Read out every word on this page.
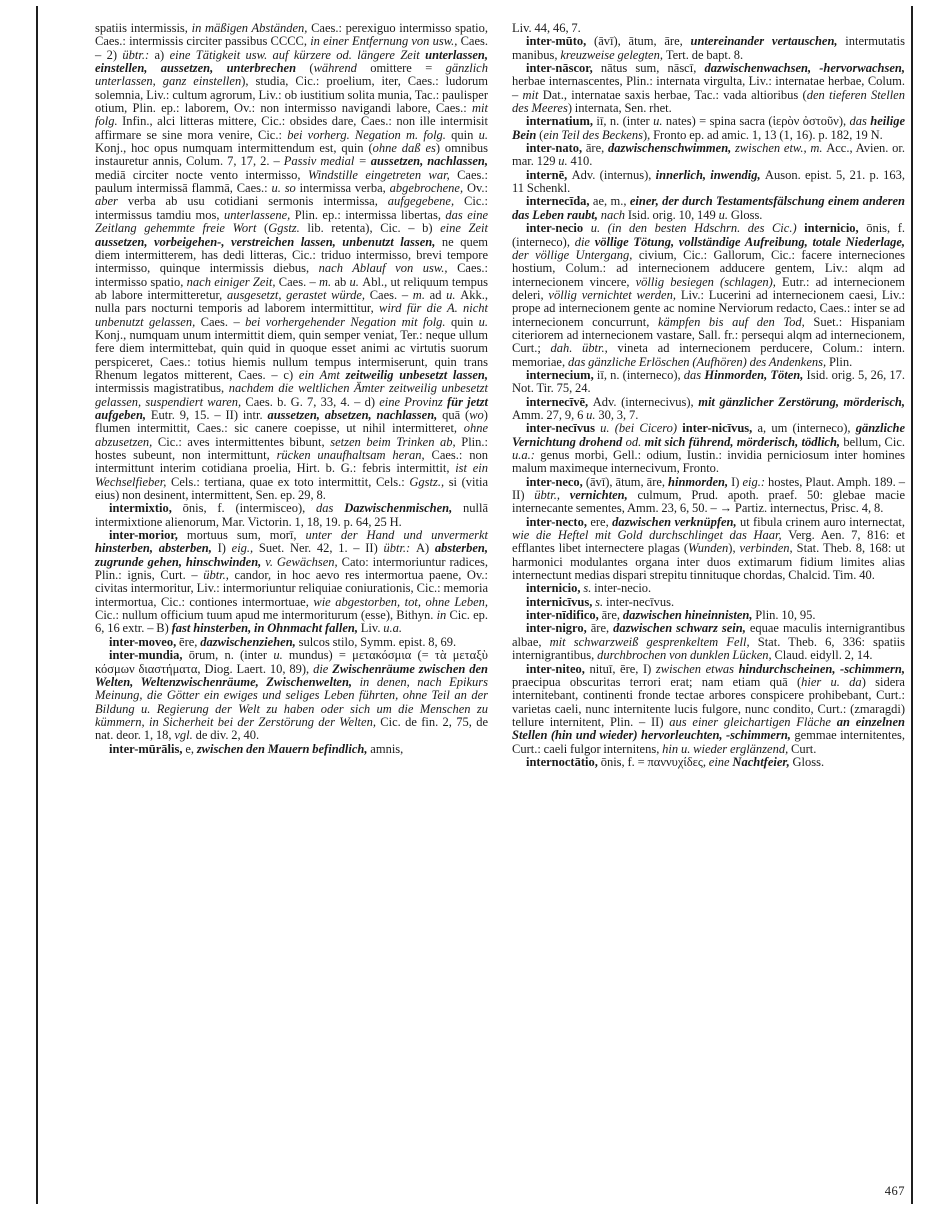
spatiis intermissis, in mäßigen Abständen, Caes.: perexiguo intermisso spatio, Caes.: intermissis circiter passibus CCCC, in einer Entfernung von usw., Caes. – 2) übtr.: a) eine Tätigkeit usw. auf kürzere od. längere Zeit unterlassen, einstellen, aussetzen, unterbrechen (während omittere = gänzlich unterlassen, ganz einstellen), studia, Cic.: proelium, iter, Caes.: ludorum solemnia, Liv.: cultum agrorum, Liv.: ob iustitium solita munia, Tac.: paulisper otium, Plin. ep.: laborem, Ov.: non intermisso navigandi labore, Caes.: mit folg. Infin., alci litteras mittere, Cic.: obsides dare, Caes.: non ille intermisit affirmare se sine mora venire, Cic.: bei vorherg. Negation m. folg. quin u. Konj., hoc opus numquam intermittendum est, quin (ohne daß es) omnibus instauretur annis, Colum. 7, 17, 2. – Passiv medial = aussetzen, nachlassen, mediā circiter nocte vento intermisso, Windstille eingetreten war, Caes.: paulum intermissā flammā, Caes.: u. so intermissa verba, abgebrochene, Ov.: aber verba ab usu cotidiani sermonis intermissa, aufgegebene, Cic.: intermissus tamdiu mos, unterlassene, Plin. ep.: intermissa libertas, das eine Zeitlang gehemmte freie Wort (Ggstz. lib. retenta), Cic. – b) eine Zeit aussetzen, vorbeigehen-, verstreichen lassen, unbenutzt lassen, ne quem diem intermitterem, has dedi litteras, Cic.: triduo intermisso, brevi tempore intermisso, quinque intermissis diebus, nach Ablauf von usw., Caes.: intermisso spatio, nach einiger Zeit, Caes. – m. ab u. Abl., ut reliquum tempus ab labore intermitteretur, ausgesetzt, gerastet würde, Caes. – m. ad u. Akk., nulla pars nocturni temporis ad laborem intermittitur, wird für die A. nicht unbenutzt gelassen, Caes. – bei vorhergehender Negation mit folg. quin u. Konj., numquam unum intermittit diem, quin semper veniat, Ter.: neque ullum fere diem intermittebat, quin quid in quoque esset animi ac virtutis suorum perspiceret, Caes.: totius hiemis nullum tempus intermiserunt, quin trans Rhenum legatos mitterent, Caes. – c) ein Amt zeitweilig unbesetzt lassen, intermissis magistratibus, nachdem die weltlichen Ämter zeitweilig unbesetzt gelassen, suspendiert waren, Caes. b. G. 7, 33, 4. – d) eine Provinz für jetzt aufgeben, Eutr. 9, 15. – II) intr. aussetzen, absetzen, nachlassen, quā (wo) flumen intermittit, Caes.: sic canere coepisse, ut nihil intermitteret, ohne abzusetzen, Cic.: aves intermittentes bibunt, setzen beim Trinken ab, Plin.: hostes subeunt, non intermittunt, rücken unaufhaltsam heran, Caes.: non intermittunt interim cotidiana proelia, Hirt. b. G.: febris intermittit, ist ein Wechselfieber, Cels.: tertiana, quae ex toto intermittit, Cels.: Ggstz., si (vitia eius) non desinent, intermittent, Sen. ep. 29, 8.

intermixtio, ōnis, f. (intermisceo), das Dazwischenmischen, nullā intermixtione alienorum, Mar. Victorin. 1, 18, 19. p. 64, 25 H.

inter-morior, mortuus sum, morī, unter der Hand und unvermerkt hinsterben, absterben, I) eig., Suet. Ner. 42, 1. – II) übtr.: A) absterben, zugrunde gehen, hinschwinden, v. Gewächsen, Cato: intermoriuntur radices, Plin.: ignis, Curt. – übtr., candor, in hoc aevo res intermortua paene, Ov.: civitas intermoritur, Liv.: intermoriuntur reliquiae coniurationis, Cic.: memoria intermortua, Cic.: contiones intermortuae, wie abgestorben, tot, ohne Leben, Cic.: nullum officium tuum apud me intermoriturum (esse), Bithyn. in Cic. ep. 6, 16 extr. – B) fast hinsterben, in Ohnmacht fallen, Liv. u.a.

inter-moveo, ēre, dazwischenziehen, sulcos stilo, Symm. epist. 8, 69.

inter-mundia, ōrum, n. (inter u. mundus) = μετακόσμια (= τὰ μεταξὺ κόσμων διαστήματα, Diog. Laert. 10, 89), die Zwischenräume zwischen den Welten, Weltenzwischenräume, Zwischenwelten, in denen, nach Epikurs Meinung, die Götter ein ewiges und seliges Leben führten, ohne Teil an der Bildung u. Regierung der Welt zu haben oder sich um die Menschen zu kümmern, in Sicherheit bei der Zerstörung der Welten, Cic. de fin. 2, 75, de nat. deor. 1, 18, vgl. de div. 2, 40.

inter-mūrālis, e, zwischen den Mauern befindlich, amnis,

Liv. 44, 46, 7.

inter-mūto, (āvī), ātum, āre, untereinander vertauschen, intermutatis manibus, kreuzweise gelegten, Tert. de bapt. 8.

inter-nāscor, nātus sum, nāscī, dazwischenwachsen, -hervorwachsen, herbae internascentes, Plin.: internata virgulta, Liv.: internatae herbae, Colum. – mit Dat., internatae saxis herbae, Tac.: vada altioribus (den tieferen Stellen des Meeres) internata, Sen. rhet.

internatium, iī, n. (inter u. nates) = spina sacra (ἱερὸν ὀστοῦν), das heilige Bein (ein Teil des Beckens), Fronto ep. ad amic. 1, 13 (1, 16). p. 182, 19 N.

inter-nato, āre, dazwischenschwimmen, zwischen etw., m. Acc., Avien. or. mar. 129 u. 410.

internē, Adv. (internus), innerlich, inwendig, Auson. epist. 5, 21. p. 163, 11 Schenkl.

internecīda, ae, m., einer, der durch Testamentsfälschung einem anderen das Leben raubt, nach Isid. orig. 10, 149 u. Gloss.

inter-necio u. (in den besten Hdschrn. des Cic.) internicio, ōnis, f. (interneco), die völlige Tötung, vollständige Aufreibung, totale Niederlage, der völlige Untergang, civium, Cic.: Gallorum, Cic.: facere interneciones hostium, Colum.: ad internecionem adducere gentem, Liv.: alqm ad internecionem vincere, völlig besiegen (schlagen), Eutr.: ad internecionem deleri, völlig vernichtet werden, Liv.: Lucerini ad internecionem caesi, Liv.: prope ad internecionem gente ac nomine Nerviorum redacto, Caes.: inter se ad internecionem concurrunt, kämpfen bis auf den Tod, Suet.: Hispaniam citeriorem ad internecionem vastare, Sall. fr.: persequi alqm ad internecionem, Curt.; dah. übtr., vineta ad internecionem perducere, Colum.: intern. memoriae, das gänzliche Erlöschen (Aufhören) des Andenkens, Plin.

internecium, iī, n. (interneco), das Hinmorden, Töten, Isid. orig. 5, 26, 17. Not. Tir. 75, 24.

internecīvē, Adv. (internecivus), mit gänzlicher Zerstörung, mörderisch, Amm. 27, 9, 6 u. 30, 3, 7.

inter-necīvus u. (bei Cicero) inter-nicīvus, a, um (interneco), gänzliche Vernichtung drohend od. mit sich führend, mörderisch, tödlich, bellum, Cic. u.a.: genus morbi, Gell.: odium, Iustin.: invidia perniciosum inter homines malum maximeque internecivum, Fronto.

inter-neco, (āvī), ātum, āre, hinmorden, I) eig.: hostes, Plaut. Amph. 189. – II) übtr., vernichten, culmum, Prud. apoth. praef. 50: glebae macie internecante sementes, Amm. 23, 6, 50. – → Partiz. internectus, Prisc. 4, 8.

inter-necto, ere, dazwischen verknüpfen, ut fibula crinem auro internectat, wie die Heftel mit Gold durchschlinget das Haar, Verg. Aen. 7, 816: et efflantes libet internectere plagas (Wunden), verbinden, Stat. Theb. 8, 168: ut harmonici modulantes organa inter duos extimarum fidium limites alias internectunt medias dispari strepitu tinnituque chordas, Chalcid. Tim. 40.

internicio, s. inter-necio.

internicīvus, s. inter-necīvus.

inter-nīdifico, āre, dazwischen hineinnisten, Plin. 10, 95.

inter-nigro, āre, dazwischen schwarz sein, equae maculis internigrantibus albae, mit schwarzweiß gesprenkeltem Fell, Stat. Theb. 6, 336: spatiis internigrantibus, durchbrochen von dunklen Lücken, Claud. eidyll. 2, 14.

inter-niteo, nituī, ēre, I) zwischen etwas hindurchscheinen, -schimmern, praecipua obscuritas terrori erat; nam etiam quā (hier u. da) sidera internitebant, continenti fronde tectae arbores conspicere prohibebant, Curt.: varietas caeli, nunc internitente lucis fulgore, nunc condito, Curt.: (zmaragdi) tellure internitent, Plin. – II) aus einer gleichartigen Fläche an einzelnen Stellen (hin und wieder) hervorleuchten, -schimmern, gemmae internitentes, Curt.: caeli fulgor internitens, hin u. wieder erglänzend, Curt.

internoctātio, ōnis, f. = παννυχίδες, eine Nachtfeier, Gloss.

467
